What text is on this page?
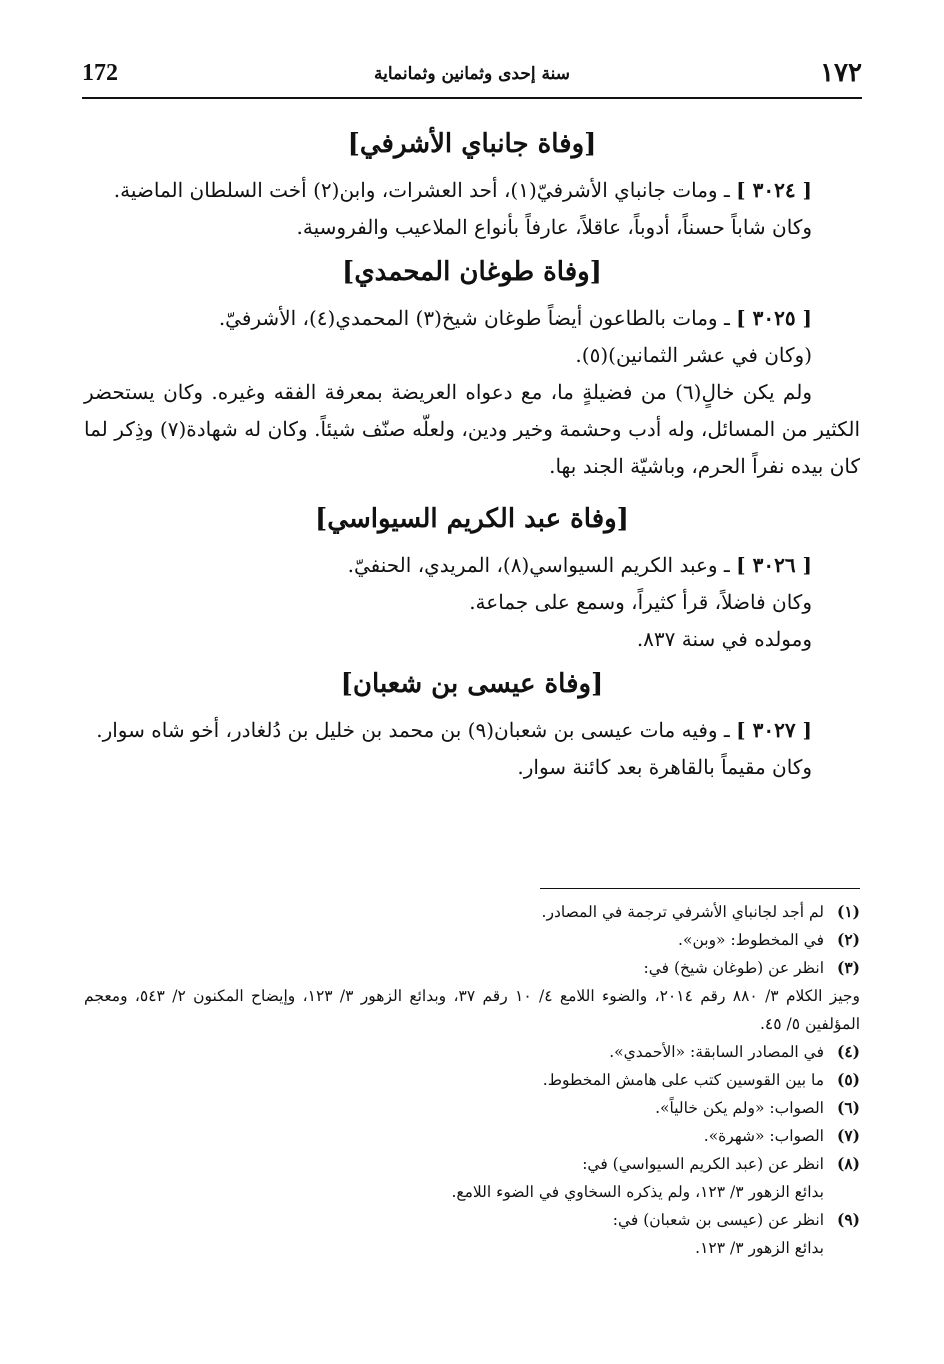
172	سنة إحدى وثمانين وثمانماية	١٧٢
[وفاة جانباي الأشرفي]

[ ٣٠٢٤ ] ـ ومات جانباي الأشرفيّ(١)، أحد العشرات، وابن(٢) أخت السلطان الماضية.

وكان شاباً حسناً، أدوباً، عاقلاً، عارفاً بأنواع الملاعيب والفروسية.

[وفاة طوغان المحمدي]

[ ٣٠٢٥ ] ـ ومات بالطاعون أيضاً طوغان شيخ(٣) المحمدي(٤)، الأشرفيّ.

(وكان في عشر الثمانين)(٥).

ولم يكن خالٍ(٦) من فضيلةٍ ما، مع دعواه العريضة بمعرفة الفقه وغيره. وكان يستحضر الكثير من المسائل، وله أدب وحشمة وخير ودين، ولعلّه صنّف شيئاً. وكان له شهادة(٧) وذِكر لما كان بيده نفراً الحرم، وباشيّة الجند بها.

[وفاة عبد الكريم السيواسي]

[ ٣٠٢٦ ] ـ وعبد الكريم السيواسي(٨)، المريدي، الحنفيّ.

وكان فاضلاً، قرأ كثيراً، وسمع على جماعة.

ومولده في سنة ٨٣٧.

[وفاة عيسى بن شعبان]

[ ٣٠٢٧ ] ـ وفيه مات عيسى بن شعبان(٩) بن محمد بن خليل بن دُلغادر، أخو شاه سوار.

وكان مقيماً بالقاهرة بعد كائنة سوار.

(١)لم أجد لجانباي الأشرفي ترجمة في المصادر.
(٢)في المخطوط: «وبن».
(٣)انظر عن (طوغان شيخ) في:
وجيز الكلام ٣/ ٨٨٠ رقم ٢٠١٤، والضوء اللامع ٤/ ١٠ رقم ٣٧، وبدائع الزهور ٣/ ١٢٣، وإيضاح المكنون ٢/ ٥٤٣، ومعجم المؤلفين ٥/ ٤٥.
(٤)في المصادر السابقة: «الأحمدي».
(٥)ما بين القوسين كتب على هامش المخطوط.
(٦)الصواب: «ولم يكن خالياً».
(٧)الصواب: «شهرة».
(٨)انظر عن (عبد الكريم السيواسي) في:
بدائع الزهور ٣/ ١٢٣، ولم يذكره السخاوي في الضوء اللامع.
(٩)انظر عن (عيسى بن شعبان) في:
بدائع الزهور ٣/ ١٢٣.
